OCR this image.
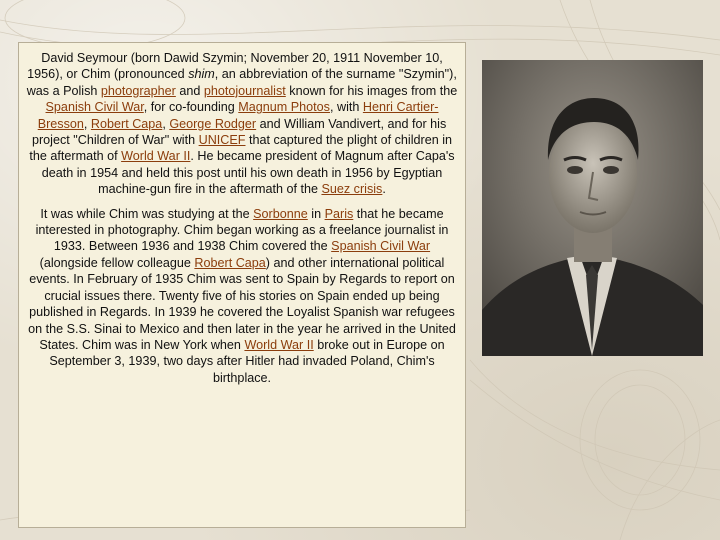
David Seymour (born Dawid Szymin; November 20, 1911 November 10, 1956), or Chim (pronounced shim, an abbreviation of the surname "Szymin"), was a Polish photographer and photojournalist known for his images from the Spanish Civil War, for co-founding Magnum Photos, with Henri Cartier-Bresson, Robert Capa, George Rodger and William Vandivert, and for his project "Children of War" with UNICEF that captured the plight of children in the aftermath of World War II. He became president of Magnum after Capa's death in 1954 and held this post until his own death in 1956 by Egyptian machine-gun fire in the aftermath of the Suez crisis.

It was while Chim was studying at the Sorbonne in Paris that he became interested in photography. Chim began working as a freelance journalist in 1933. Between 1936 and 1938 Chim covered the Spanish Civil War (alongside fellow colleague Robert Capa) and other international political events. In February of 1935 Chim was sent to Spain by Regards to report on crucial issues there. Twenty five of his stories on Spain ended up being published in Regards. In 1939 he covered the Loyalist Spanish war refugees on the S.S. Sinai to Mexico and then later in the year he arrived in the United States. Chim was in New York when World War II broke out in Europe on September 3, 1939, two days after Hitler had invaded Poland, Chim's birthplace.
